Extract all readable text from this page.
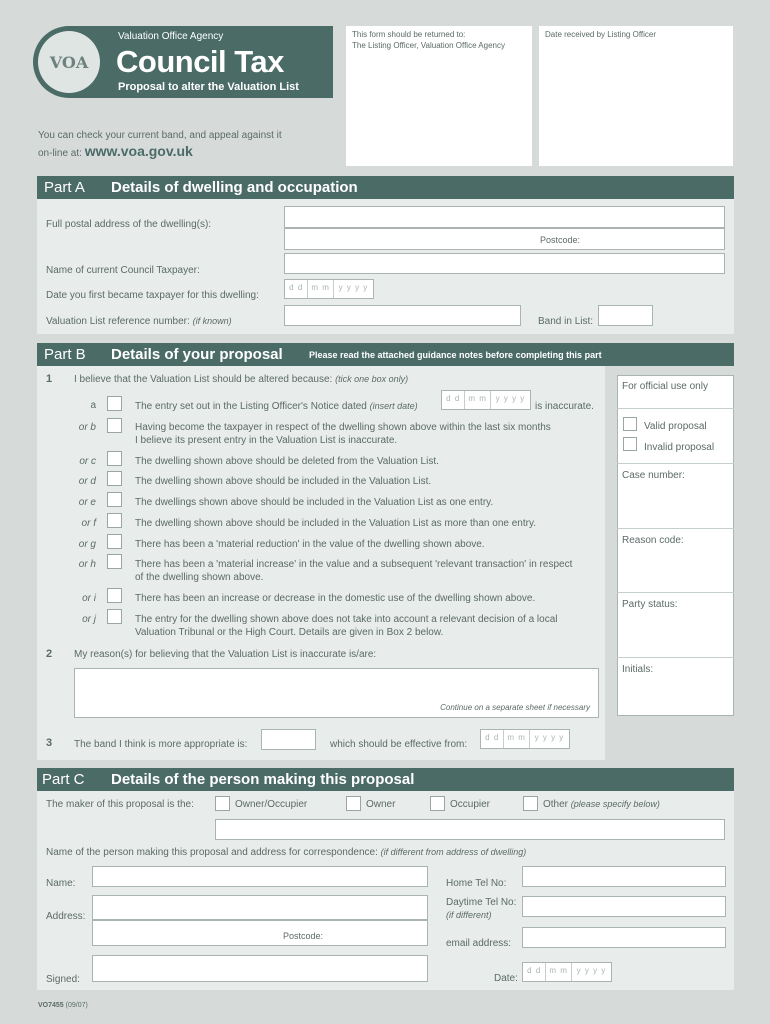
VOA
Valuation Office Agency
Council Tax
Proposal to alter the Valuation List
This form should be returned to:
The Listing Officer, Valuation Office Agency
Date received by Listing Officer
You can check your current band, and appeal against it
on-line at: www.voa.gov.uk
Part A Details of dwelling and occupation
Full postal address of the dwelling(s):
Postcode:
Name of current Council Taxpayer:
Date you first became taxpayer for this dwelling:
d d	m m	y y y y
Valuation List reference number: (if known)	Band in List:
Part B Details of your proposal	Please read the attached guidance notes before completing this part
1 I believe that the Valuation List should be altered because: (tick one box only)
a	The entry set out in the Listing Officer's Notice dated (insert date)
d d	m m	y y y y
is inaccurate.
or b	Having become the taxpayer in respect of the dwelling shown above within the last six months
I believe its present entry in the Valuation List is inaccurate.
or c	The dwelling shown above should be deleted from the Valuation List.
or d	The dwelling shown above should be included in the Valuation List.
or e	The dwellings shown above should be included in the Valuation List as one entry.
or f	The dwelling shown above should be included in the Valuation List as more than one entry.
or g	There has been a 'material reduction' in the value of the dwelling shown above.
or h	There has been a 'material increase' in the value and a subsequent 'relevant transaction' in respect
of the dwelling shown above.
or i	There has been an increase or decrease in the domestic use of the dwelling shown above.
or j	The entry for the dwelling shown above does not take into account a relevant decision of a local
Valuation Tribunal or the High Court. Details are given in Box 2 below.
2 My reason(s) for believing that the Valuation List is inaccurate is/are:
Continue on a separate sheet if necessary
3 The band I think is more appropriate is:	which should be effective from:
d d	m m	y y y y
For official use only
Valid proposal
Invalid proposal
Case number:
Reason code:
Party status:
Initials:
Part C Details of the person making this proposal
The maker of this proposal is the:	Owner/Occupier	Owner	Occupier	Other (please specify below)
Name of the person making this proposal and address for correspondence: (if different from address of dwelling)
Name:
Address:
Postcode:
Signed:
Home Tel No:
Daytime Tel No:
(if different)
email address:
Date:
d d	m m	y y y y
VO7455 (09/07)
